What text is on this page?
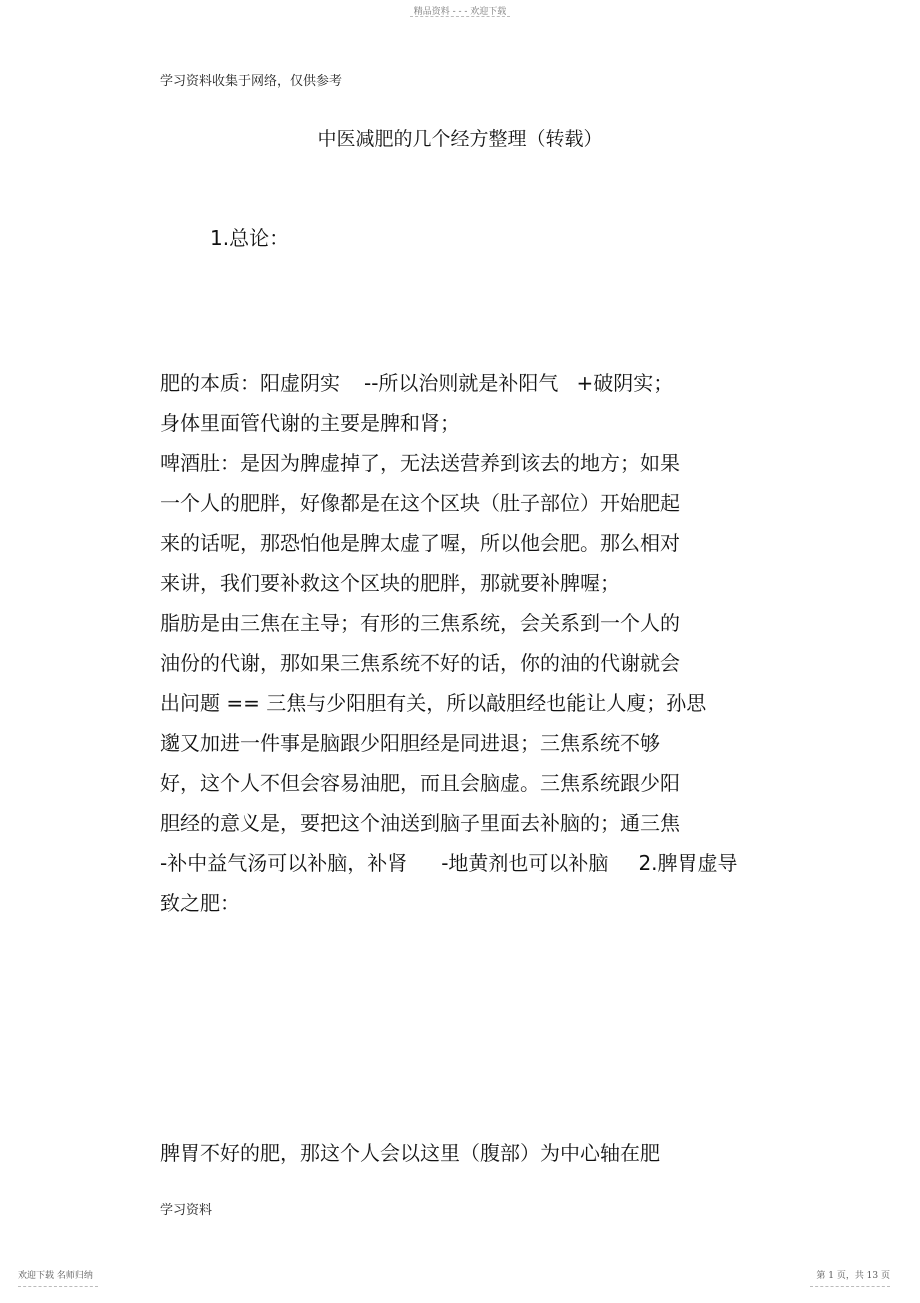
精品资料 - - - 欢迎下载
学习资料收集于网络，仅供参考
中医减肥的几个经方整理（转载）
1.总论：
肥的本质：阳虚阴实 --所以治则就是补阳气 +破阴实；
身体里面管代谢的主要是脾和肾；
啤酒肚：是因为脾虚掉了，无法送营养到该去的地方；如果
一个人的肥胖，好像都是在这个区块（肚子部位）开始肥起
来的话呢，那恐怕他是脾太虚了喔，所以他会肥。那么相对
来讲，我们要补救这个区块的肥胖，那就要补脾喔；
脂肪是由三焦在主导；有形的三焦系统，会关系到一个人的
油份的代谢，那如果三焦系统不好的话，你的油的代谢就会
出问题 == 三焦与少阳胆有关，所以敲胆经也能让人廋；孙思
邈又加进一件事是脑跟少阳胆经是同进退；三焦系统不够
好，这个人不但会容易油肥，而且会脑虚。三焦系统跟少阳
胆经的意义是，要把这个油送到脑子里面去补脑的；通三焦
-补中益气汤可以补脑，补肾 -地黄剂也可以补脑 2.脾胃虚导
致之肥：
脾胃不好的肥，那这个人会以这里（腹部）为中心轴在肥
学习资料
欢迎下载 名师归纳	第 1 页，共 13 页
